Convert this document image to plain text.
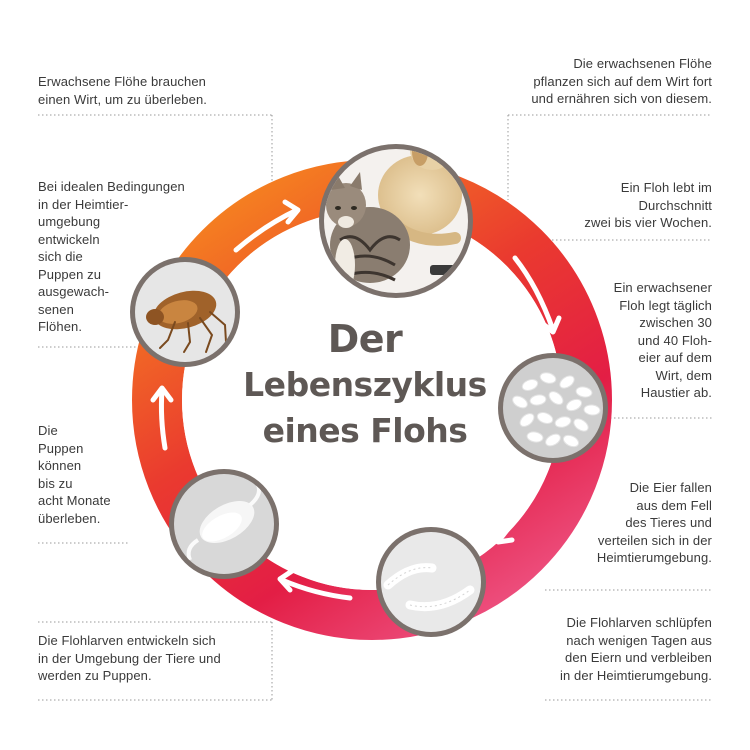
Erwachsene Flöhe brauchen
einen Wirt, um zu überleben.
Die erwachsenen Flöhe
pflanzen sich auf dem Wirt fort
und ernähren sich von diesem.
Bei idealen Bedingungen
in der Heimtier-
umgebung
entwickeln
sich die
Puppen zu
ausgewach-
senen
Flöhen.
Ein Floh lebt im
Durchschnitt
zwei bis vier Wochen.
Ein erwachsener
Floh legt täglich
zwischen 30
und 40 Floh-
eier auf dem
Wirt, dem
Haustier ab.
Die
Puppen
können
bis zu
acht Monate
überleben.
Die Eier fallen
aus dem Fell
des Tieres und
verteilen sich in der
Heimtierumgebung.
Die Flohlarven entwickeln sich
in der Umgebung der Tiere und
werden zu Puppen.
Die Flohlarven schlüpfen
nach wenigen Tagen aus
den Eiern und verbleiben
in der Heimtierumgebung.
Der
Lebenszyklus
eines Flohs
